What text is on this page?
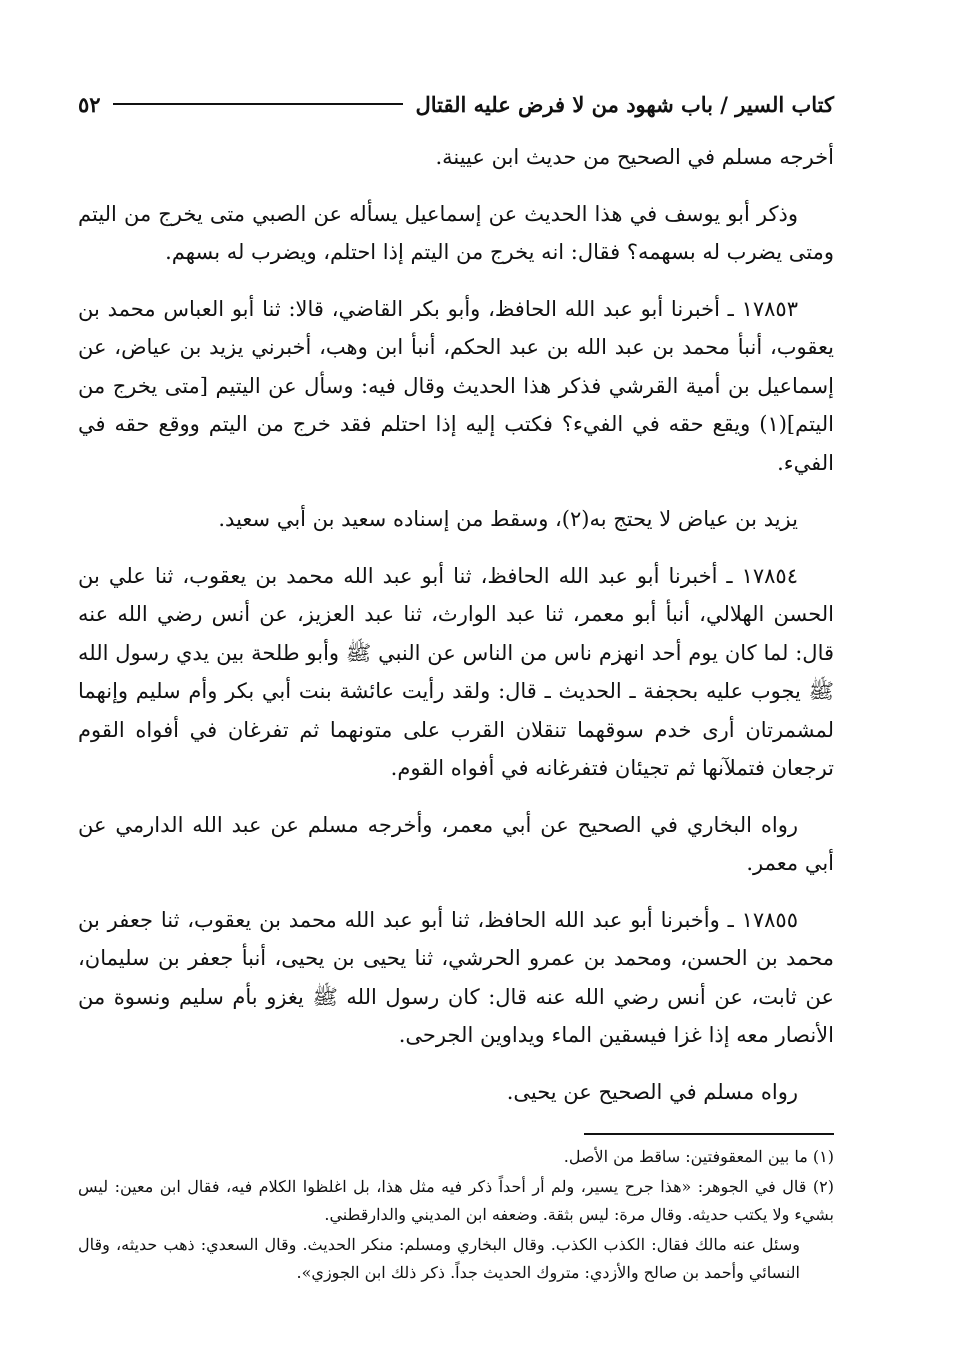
كتاب السير / باب شهود من لا فرض عليه القتال
٥٢

أخرجه مسلم في الصحيح من حديث ابن عيينة.

وذكر أبو يوسف في هذا الحديث عن إسماعيل يسأله عن الصبي متى يخرج من اليتم ومتى يضرب له بسهمه؟ فقال: انه يخرج من اليتم إذا احتلم، ويضرب له بسهم.

١٧٨٥٣ ـ أخبرنا أبو عبد الله الحافظ، وأبو بكر القاضي، قالا: ثنا أبو العباس محمد بن يعقوب، أنبأ محمد بن عبد الله بن عبد الحكم، أنبأ ابن وهب، أخبرني يزيد بن عياض، عن إسماعيل بن أمية القرشي فذكر هذا الحديث وقال فيه: وسأل عن اليتيم [متى يخرج من اليتم](١) ويقع حقه في الفيء؟ فكتب إليه إذا احتلم فقد خرج من اليتم ووقع حقه في الفيء.

يزيد بن عياض لا يحتج به(٢)، وسقط من إسناده سعيد بن أبي سعيد.

١٧٨٥٤ ـ أخبرنا أبو عبد الله الحافظ، ثنا أبو عبد الله محمد بن يعقوب، ثنا علي بن الحسن الهلالي، أنبأ أبو معمر، ثنا عبد الوارث، ثنا عبد العزيز، عن أنس رضي الله عنه قال: لما كان يوم أحد انهزم ناس من الناس عن النبي ﷺ وأبو طلحة بين يدي رسول الله ﷺ يجوب عليه بحجفة ـ الحديث ـ قال: ولقد رأيت عائشة بنت أبي بكر وأم سليم وإنهما لمشمرتان أرى خدم سوقهما تنقلان القرب على متونهما ثم تفرغان في أفواه القوم ترجعان فتملآنها ثم تجيئان فتفرغانه في أفواه القوم.

رواه البخاري في الصحيح عن أبي معمر، وأخرجه مسلم عن عبد الله الدارمي عن أبي معمر.

١٧٨٥٥ ـ وأخبرنا أبو عبد الله الحافظ، ثنا أبو عبد الله محمد بن يعقوب، ثنا جعفر بن محمد بن الحسن، ومحمد بن عمرو الحرشي، ثنا يحيى بن يحيى، أنبأ جعفر بن سليمان، عن ثابت، عن أنس رضي الله عنه قال: كان رسول الله ﷺ يغزو بأم سليم ونسوة من الأنصار معه إذا غزا فيسقين الماء ويداوين الجرحى.

رواه مسلم في الصحيح عن يحيى.

(١) ما بين المعقوفتين: ساقط من الأصل.

(٢) قال في الجوهر: «هذا جرح يسير، ولم أر أحداً ذكر فيه مثل هذا، بل اغلظوا الكلام فيه، فقال ابن معين: ليس بشيء ولا يكتب حديثه. وقال مرة: ليس بثقة. وضعفه ابن المديني والدارقطني.

وسئل عنه مالك فقال: الكذب الكذب. وقال البخاري ومسلم: منكر الحديث. وقال السعدي: ذهب حديثه، وقال النسائي وأحمد بن صالح والأزدي: متروك الحديث جداً. ذكر ذلك ابن الجوزي».
